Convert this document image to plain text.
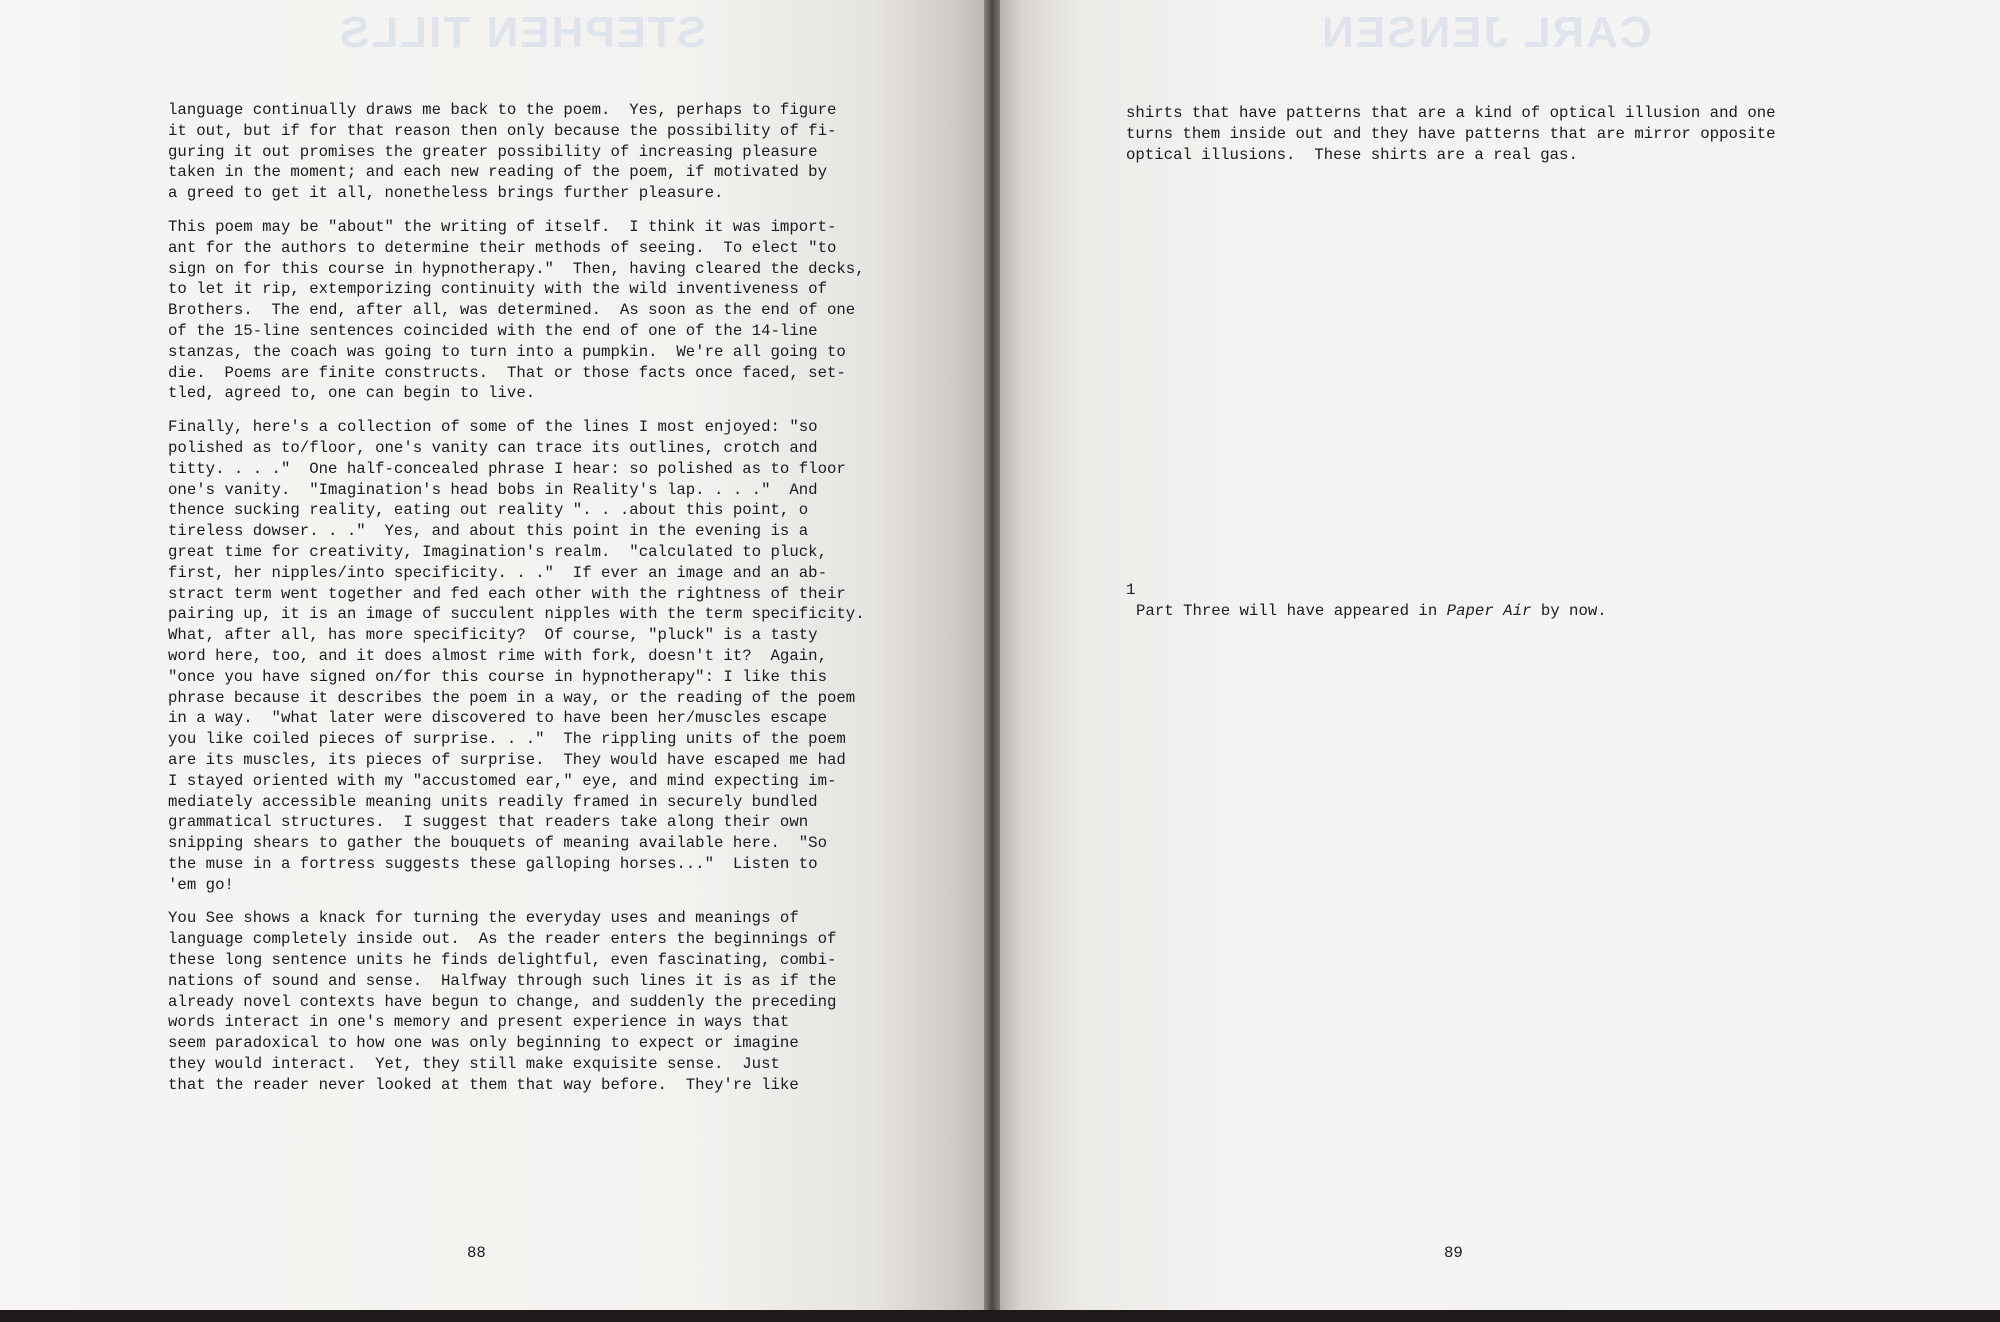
STEPHEN TILLS

language continually draws me back to the poem.  Yes, perhaps to figure
it out, but if for that reason then only because the possibility of fi-
guring it out promises the greater possibility of increasing pleasure
taken in the moment; and each new reading of the poem, if motivated by
a greed to get it all, nonetheless brings further pleasure.

This poem may be "about" the writing of itself.  I think it was import-
ant for the authors to determine their methods of seeing.  To elect "to
sign on for this course in hypnotherapy."  Then, having cleared the decks,
to let it rip, extemporizing continuity with the wild inventiveness of
Brothers.  The end, after all, was determined.  As soon as the end of one
of the 15-line sentences coincided with the end of one of the 14-line
stanzas, the coach was going to turn into a pumpkin.  We're all going to
die.  Poems are finite constructs.  That or those facts once faced, set-
tled, agreed to, one can begin to live.

Finally, here's a collection of some of the lines I most enjoyed: "so
polished as to/floor, one's vanity can trace its outlines, crotch and
titty. . . ."  One half-concealed phrase I hear: so polished as to floor
one's vanity.  "Imagination's head bobs in Reality's lap. . . ."  And
thence sucking reality, eating out reality ". . .about this point, o
tireless dowser. . ."  Yes, and about this point in the evening is a
great time for creativity, Imagination's realm.  "calculated to pluck,
first, her nipples/into specificity. . ."  If ever an image and an ab-
stract term went together and fed each other with the rightness of their
pairing up, it is an image of succulent nipples with the term specificity.
What, after all, has more specificity?  Of course, "pluck" is a tasty
word here, too, and it does almost rime with fork, doesn't it?  Again,
"once you have signed on/for this course in hypnotherapy": I like this
phrase because it describes the poem in a way, or the reading of the poem
in a way.  "what later were discovered to have been her/muscles escape
you like coiled pieces of surprise. . ."  The rippling units of the poem
are its muscles, its pieces of surprise.  They would have escaped me had
I stayed oriented with my "accustomed ear," eye, and mind expecting im-
mediately accessible meaning units readily framed in securely bundled
grammatical structures.  I suggest that readers take along their own
snipping shears to gather the bouquets of meaning available here.  "So
the muse in a fortress suggests these galloping horses..."  Listen to
'em go!

You See shows a knack for turning the everyday uses and meanings of
language completely inside out.  As the reader enters the beginnings of
these long sentence units he finds delightful, even fascinating, combi-
nations of sound and sense.  Halfway through such lines it is as if the
already novel contexts have begun to change, and suddenly the preceding
words interact in one's memory and present experience in ways that
seem paradoxical to how one was only beginning to expect or imagine
they would interact.  Yet, they still make exquisite sense.  Just
that the reader never looked at them that way before.  They're like

88
CARL JENSEN

shirts that have patterns that are a kind of optical illusion and one
turns them inside out and they have patterns that are mirror opposite
optical illusions.  These shirts are a real gas.

1
Part Three will have appeared in Paper Air by now.
89
